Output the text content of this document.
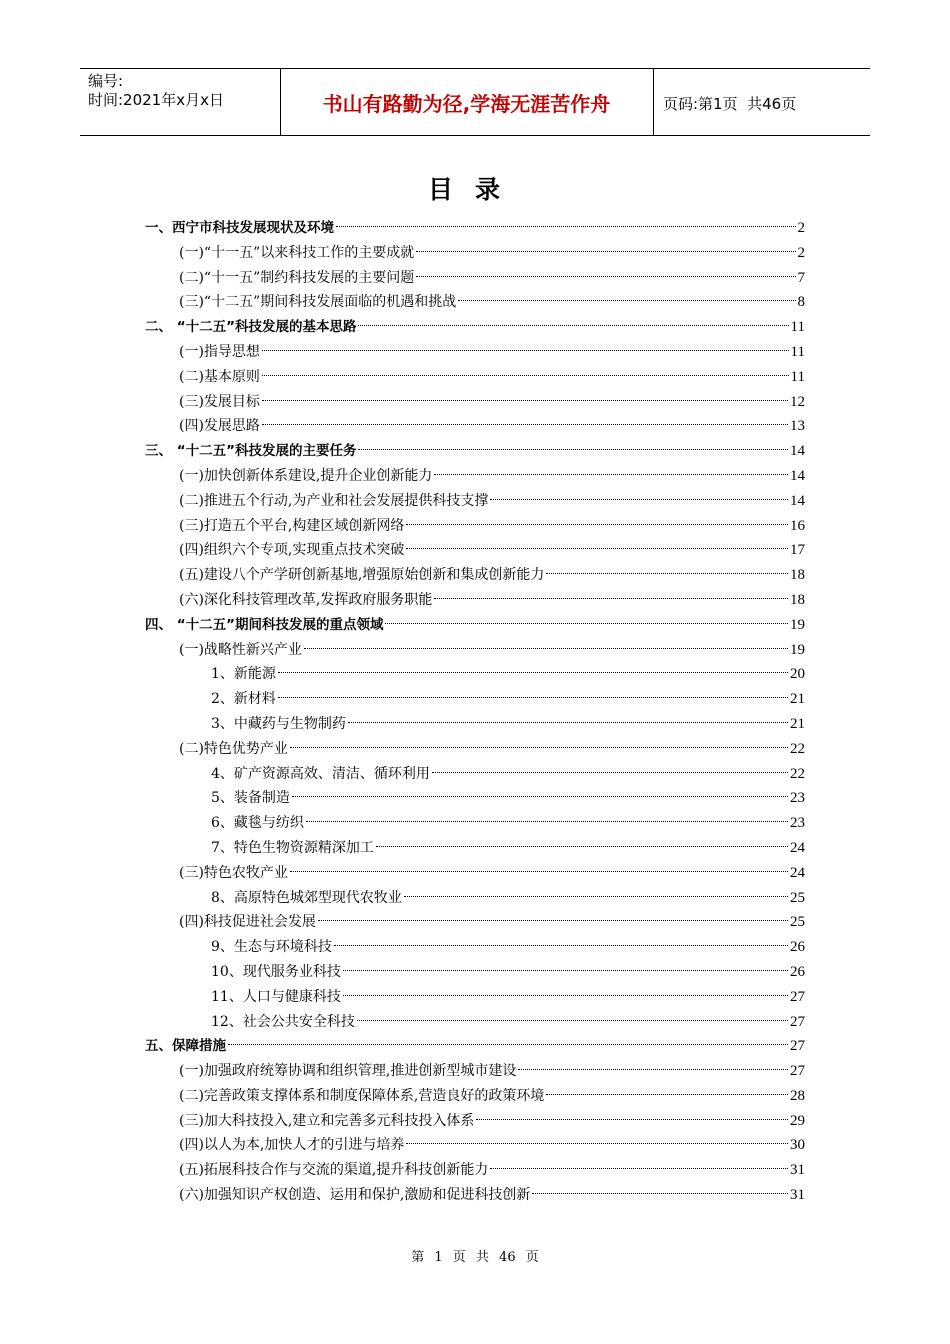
编号:
时间:2021年x月x日	书山有路勤为径,学海无涯苦作舟	页码:第1页  共46页
目录
一、西宁市科技发展现状及环境	2
(一)“十一五”以来科技工作的主要成就	2
(二)“十一五”制约科技发展的主要问题	7
(三)“十二五”期间科技发展面临的机遇和挑战	8
二、 “十二五”科技发展的基本思路	11
(一)指导思想	11
(二)基本原则	11
(三)发展目标	12
(四)发展思路	13
三、 “十二五”科技发展的主要任务	14
(一)加快创新体系建设,提升企业创新能力	14
(二)推进五个行动,为产业和社会发展提供科技支撑	14
(三)打造五个平台,构建区域创新网络	16
(四)组织六个专项,实现重点技术突破	17
(五)建设八个产学研创新基地,增强原始创新和集成创新能力	18
(六)深化科技管理改革,发挥政府服务职能	18
四、 “十二五”期间科技发展的重点领域	19
(一)战略性新兴产业	19
1、新能源	20
2、新材料	21
3、中藏药与生物制药	21
(二)特色优势产业	22
4、矿产资源高效、清洁、循环利用	22
5、装备制造	23
6、藏毯与纺织	23
7、特色生物资源精深加工	24
(三)特色农牧产业	24
8、高原特色城郊型现代农牧业	25
(四)科技促进社会发展	25
9、生态与环境科技	26
10、现代服务业科技	26
11、人口与健康科技	27
12、社会公共安全科技	27
五、保障措施	27
(一)加强政府统筹协调和组织管理,推进创新型城市建设	27
(二)完善政策支撑体系和制度保障体系,营造良好的政策环境	28
(三)加大科技投入,建立和完善多元科技投入体系	29
(四)以人为本,加快人才的引进与培养	30
(五)拓展科技合作与交流的渠道,提升科技创新能力	31
(六)加强知识产权创造、运用和保护,激励和促进科技创新	31
第 1 页 共 46 页
